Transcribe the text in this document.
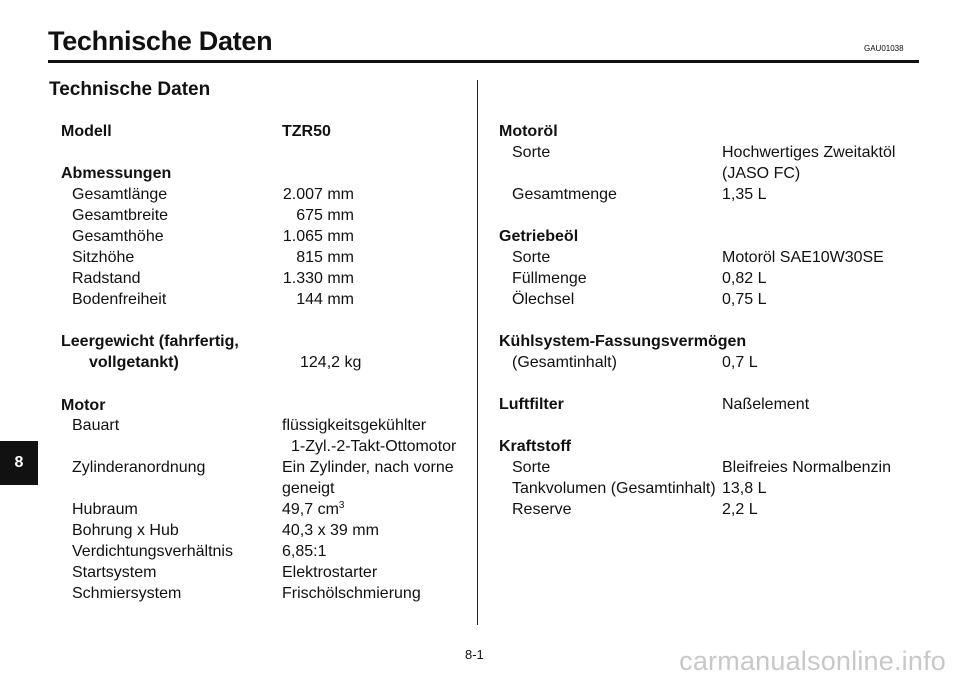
Technische Daten	GAU01038
Technische Daten
8
Modell	TZR50
Abmessungen
Gesamtlänge	2.007 mm
Gesamtbreite	675 mm
Gesamthöhe	1.065 mm
Sitzhöhe	815 mm
Radstand	1.330 mm
Bodenfreiheit	144 mm
Leergewicht (fahrfertig,
vollgetankt)	124,2 kg
Motor
Bauart	flüssigkeitsgekühlter
1-Zyl.-2-Takt-Ottomotor
Zylinderanordnung	Ein Zylinder, nach vorne
geneigt
Hubraum	49,7 $cm^3$
Bohrung x Hub	40,3 x 39 mm
Verdichtungsverhältnis	6,85:1
Startsystem	Elektrostarter
Schmiersystem	Frischölschmierung
Motoröl
Sorte	Hochwertiges Zweitaktöl
(JASO FC)
Gesamtmenge	1,35 L
Getriebeöl
Sorte	Motoröl SAE10W30SE
Füllmenge	0,82 L
Ölechsel	0,75 L
Kühlsystem-Fassungsvermögen
(Gesamtinhalt)	0,7 L
Luftfilter	Naßelement
Kraftstoff
Sorte	Bleifreies Normalbenzin
Tankvolumen (Gesamtinhalt) 13,8 L
Reserve	2,2 L
8-1	carmanualsonline.info
